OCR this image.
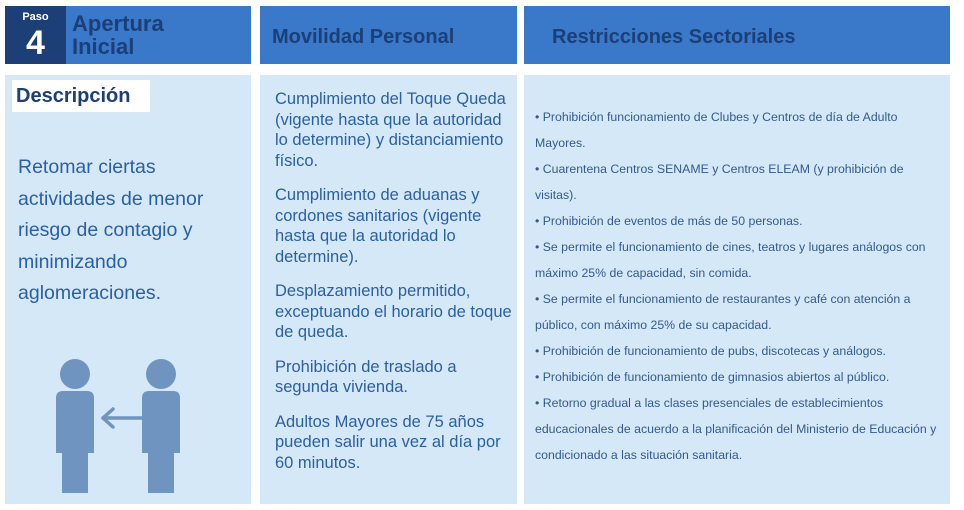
Paso
4
Apertura
Inicial	Movilidad Personal	Restricciones Sectoriales
Descripción
Retomar ciertas actividades de menor riesgo de contagio y minimizando aglomeraciones.
Cumplimiento del Toque Queda (vigente hasta que la autoridad lo determine) y distanciamiento físico.
Cumplimiento de aduanas y cordones sanitarios (vigente hasta que la autoridad lo determine).
Desplazamiento permitido, exceptuando el horario de toque de queda.
Prohibición de traslado a segunda vivienda.
Adultos Mayores de 75 años pueden salir una vez al día por 60 minutos.
• Prohibición funcionamiento de Clubes y Centros de día de Adulto Mayores.
• Cuarentena Centros SENAME y Centros ELEAM (y prohibición de visitas).
• Prohibición de eventos de más de 50 personas.
• Se permite el funcionamiento de cines, teatros y lugares análogos con máximo 25% de capacidad, sin comida.
• Se permite el funcionamiento de restaurantes y café con atención a público, con máximo 25% de su capacidad.
• Prohibición de funcionamiento de pubs, discotecas y análogos.
• Prohibición de funcionamiento de gimnasios abiertos al público.
• Retorno gradual a las clases presenciales de establecimientos educacionales de acuerdo a la planificación del Ministerio de Educación y condicionado a las situación sanitaria.
